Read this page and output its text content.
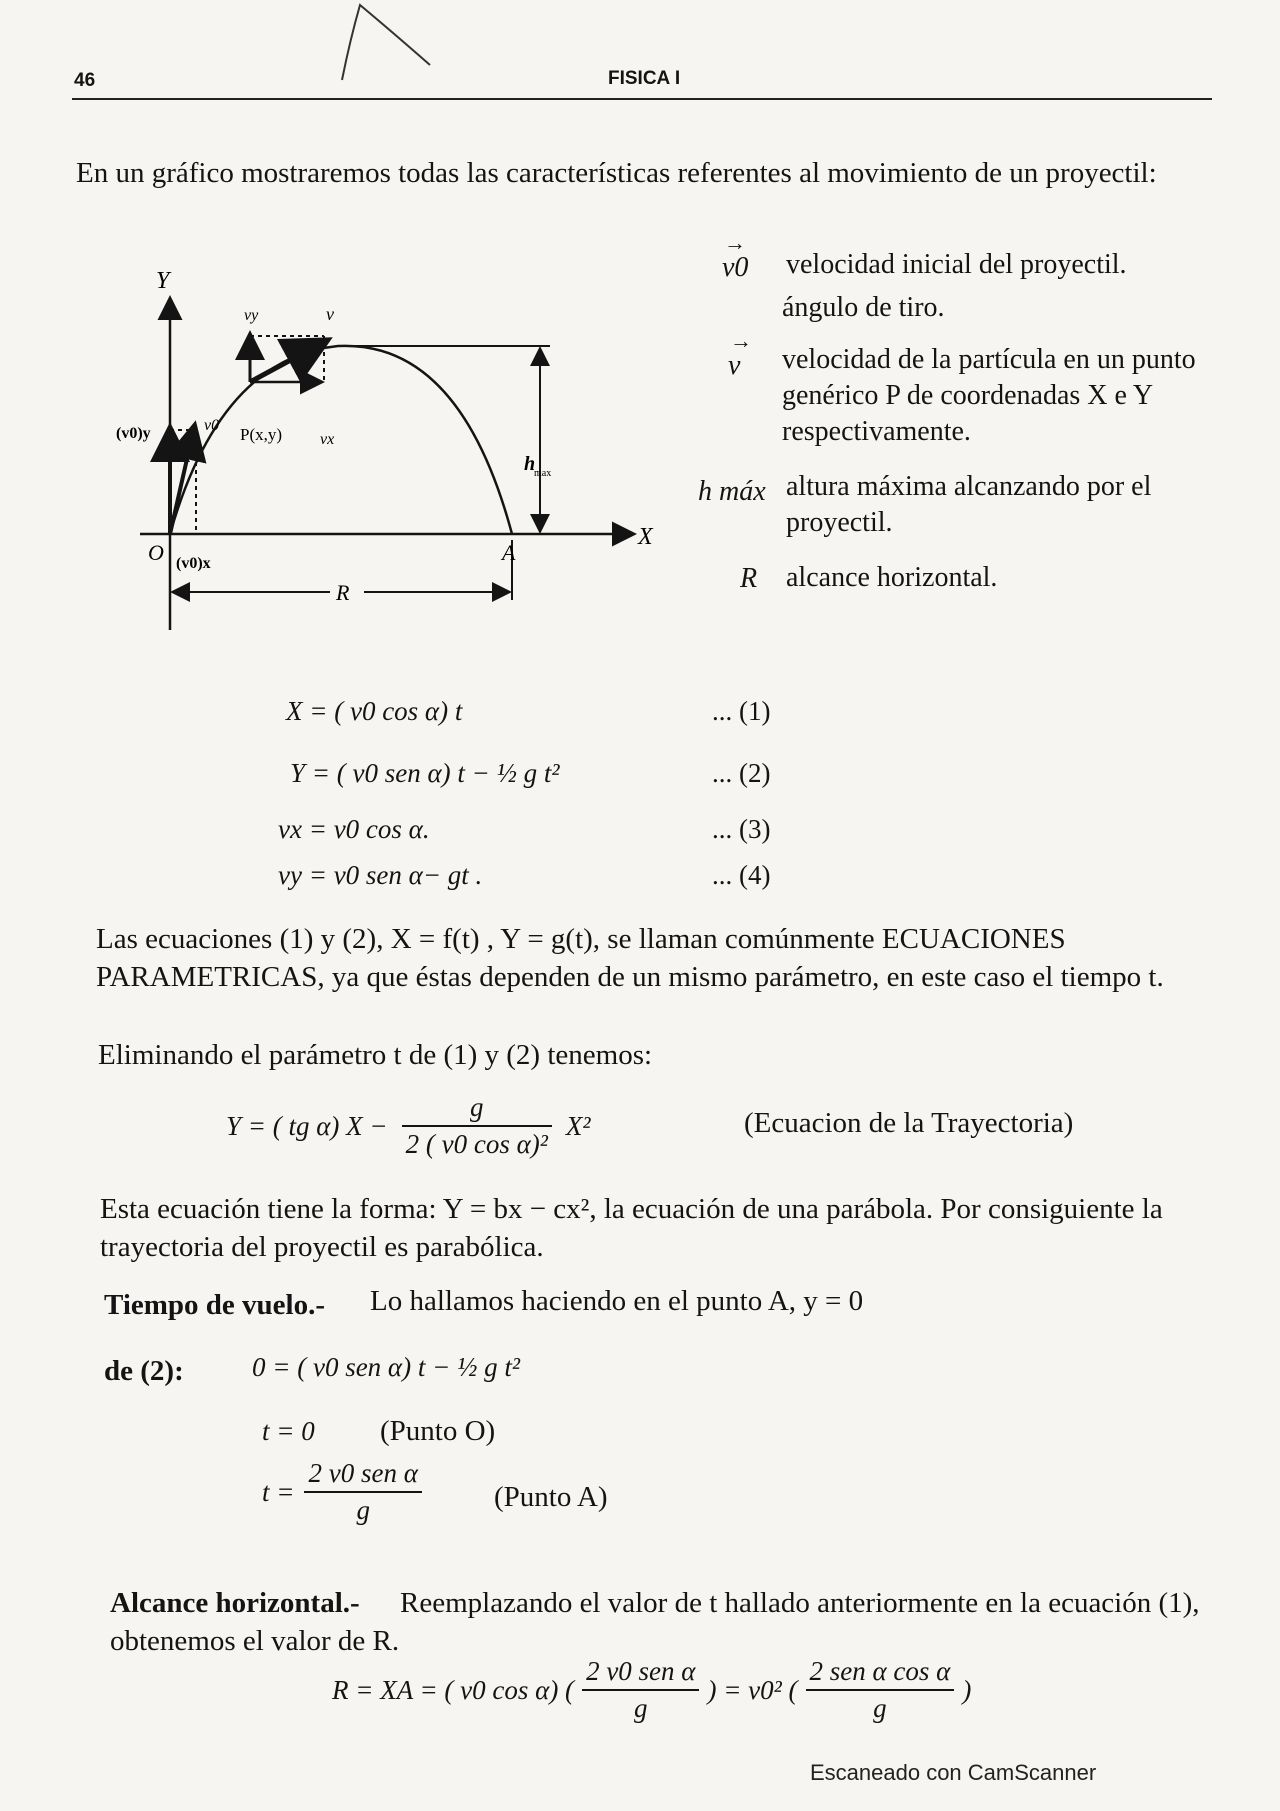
46	FISICA I
En un gráfico mostraremos todas las características referentes al movimiento de un proyectil:
Y
X
O	A
R
P(x,y)
h
max
v
vy
vx
v0
(v0)y
(v0)x
→ v0 velocidad inicial del proyectil.
ángulo de tiro.
→ v velocidad de la partícula en un punto genérico P de coordenadas X e Y respectivamente.
h máx altura máxima alcanzando por el proyectil.
R alcance horizontal.
X = ( v0 cos α) t	... (1)
Y = ( v0 sen α) t − ½ g t²	... (2)
vx = v0 cos α.	... (3)
vy = v0 sen α− gt .	... (4)
Las ecuaciones (1) y (2), X = f(t) , Y = g(t), se llaman comúnmente ECUACIONES PARAMETRICAS, ya que éstas dependen de un mismo parámetro, en este caso el tiempo t.
Eliminando el parámetro t de (1) y (2) tenemos:
Y = ( tg α) $X - \frac{g}{\text{2 ( v0 cos α)²}} X^2$	(Ecuacion de la Trayectoria)
Esta ecuación tiene la forma: Y = bx − cx², la ecuación de una parábola. Por consiguiente la trayectoria del proyectil es parabólica.
Tiempo de vuelo.- Lo hallamos haciendo en el punto A, y = 0
de (2):	0 = ( v0 sen α) t − ½ g t²
t = 0 (Punto O)
$t = \frac{\text{2 v0 sen α}}{g}$ (Punto A)
Alcance horizontal.-	Reemplazando el valor de t hallado anteriormente en la ecuación (1), obtenemos el valor de R.
R = XA = ( v0 cos α) ( $\frac{\text{2 v0 sen α}}{g}$ ) = v0² ( $\frac{\text{2 sen α cos α}}{g}$ )
Escaneado con CamScanner
